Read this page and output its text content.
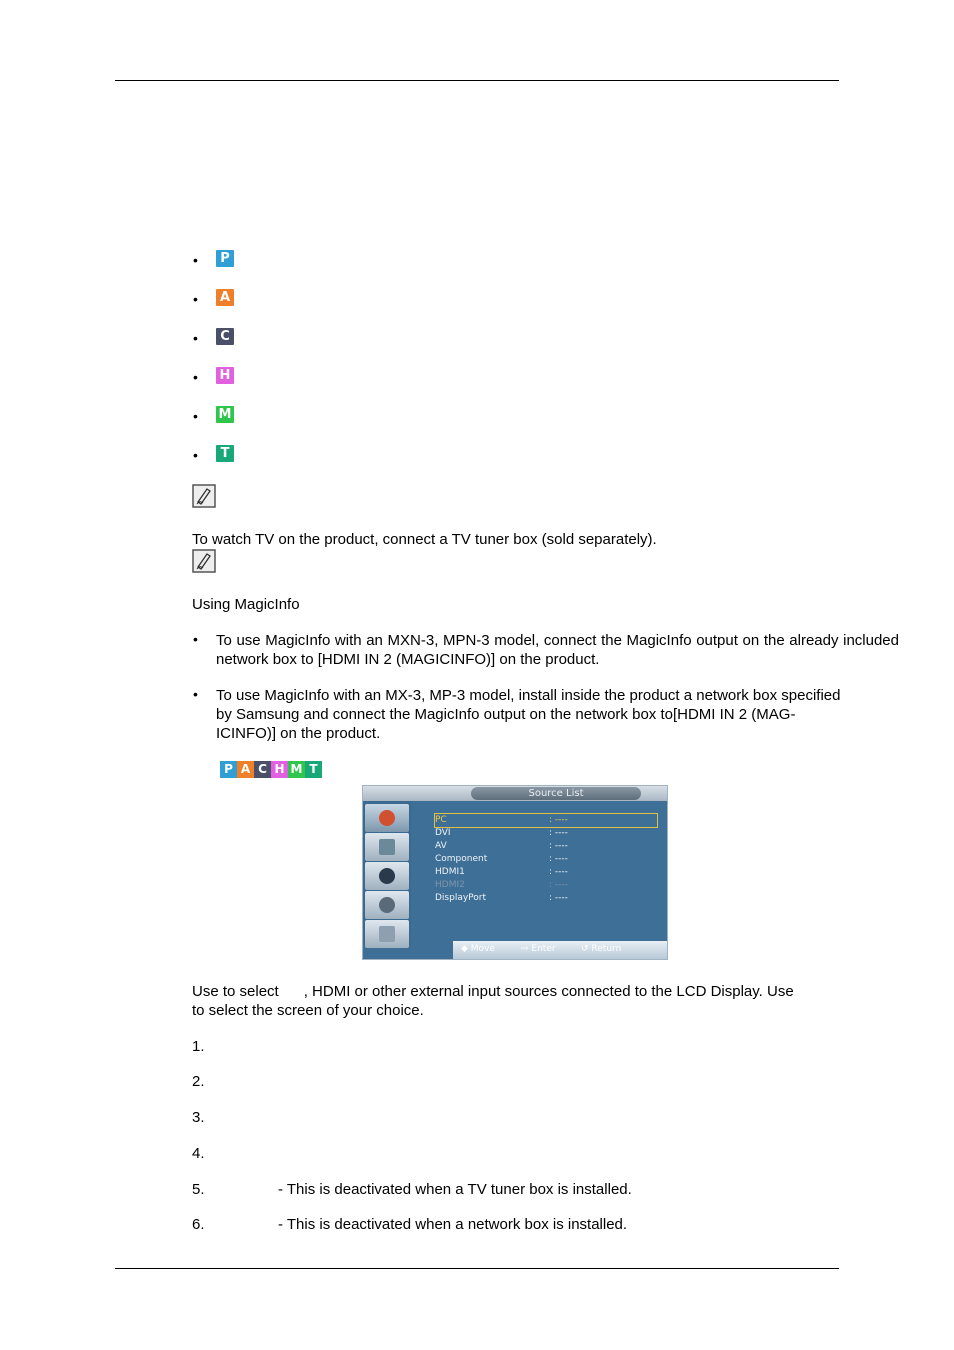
•	P
•	A
•	C
• H
• M
•	T
To watch TV on the product, connect a TV tuner box (sold separately).
Using MagicInfo
• To use MagicInfo with an MXN-3, MPN-3 model, connect the MagicInfo output on the already included network box to [HDMI IN 2 (MAGICINFO)] on the product.
• To use MagicInfo with an MX-3, MP-3 model, install inside the product a network box specified
by Samsung and connect the MagicInfo output on the network box to[HDMI IN 2 (MAG-
ICINFO)] on the product.
P A C H M T
Source List
PC	: ----
DVI	: ----
AV	: ----
Component	: ----
HDMI1	: ----
HDMI2	: ----
DisplayPort	: ----
◆ Move	⇨ Enter	↺ Return
Use to select      , HDMI or other external input sources connected to the LCD Display. Use
to select the screen of your choice.
1.
2.
3.
4.
5.	- This is deactivated when a TV tuner box is installed.
6.	- This is deactivated when a network box is installed.
